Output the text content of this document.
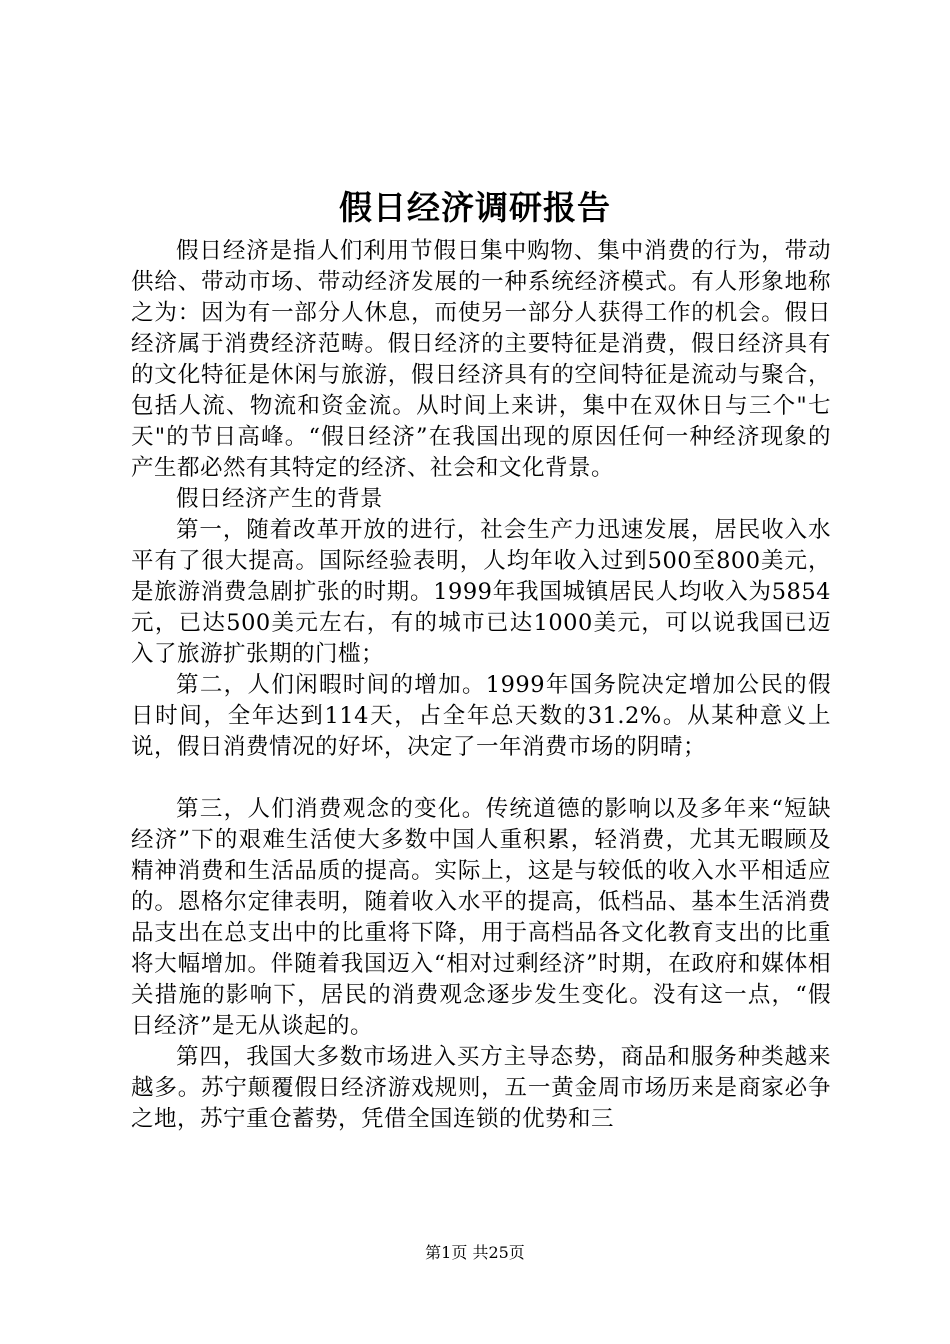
假日经济调研报告

假日经济是指人们利用节假日集中购物、集中消费的行为，带动供给、带动市场、带动经济发展的一种系统经济模式。有人形象地称之为：因为有一部分人休息，而使另一部分人获得工作的机会。假日经济属于消费经济范畴。假日经济的主要特征是消费，假日经济具有的文化特征是休闲与旅游，假日经济具有的空间特征是流动与聚合，包括人流、物流和资金流。从时间上来讲，集中在双休日与三个"七天"的节日高峰。“假日经济”在我国出现的原因任何一种经济现象的产生都必然有其特定的经济、社会和文化背景。

假日经济产生的背景

第一，随着改革开放的进行，社会生产力迅速发展，居民收入水平有了很大提高。国际经验表明，人均年收入过到500至800美元，是旅游消费急剧扩张的时期。1999年我国城镇居民人均收入为5854元，已达500美元左右，有的城市已达1000美元，可以说我国已迈入了旅游扩张期的门槛；

第二，人们闲暇时间的增加。1999年国务院决定增加公民的假日时间，全年达到114天，占全年总天数的31.2%。从某种意义上说，假日消费情况的好坏，决定了一年消费市场的阴晴；

第三，人们消费观念的变化。传统道德的影响以及多年来“短缺经济”下的艰难生活使大多数中国人重积累，轻消费，尤其无暇顾及精神消费和生活品质的提高。实际上，这是与较低的收入水平相适应的。恩格尔定律表明，随着收入水平的提高，低档品、基本生活消费品支出在总支出中的比重将下降，用于高档品各文化教育支出的比重将大幅增加。伴随着我国迈入“相对过剩经济”时期，在政府和媒体相关措施的影响下，居民的消费观念逐步发生变化。没有这一点，“假日经济”是无从谈起的。

第四，我国大多数市场进入买方主导态势，商品和服务种类越来越多。苏宁颠覆假日经济游戏规则，五一黄金周市场历来是商家必争之地，苏宁重仓蓄势，凭借全国连锁的优势和三

第1页 共25页
